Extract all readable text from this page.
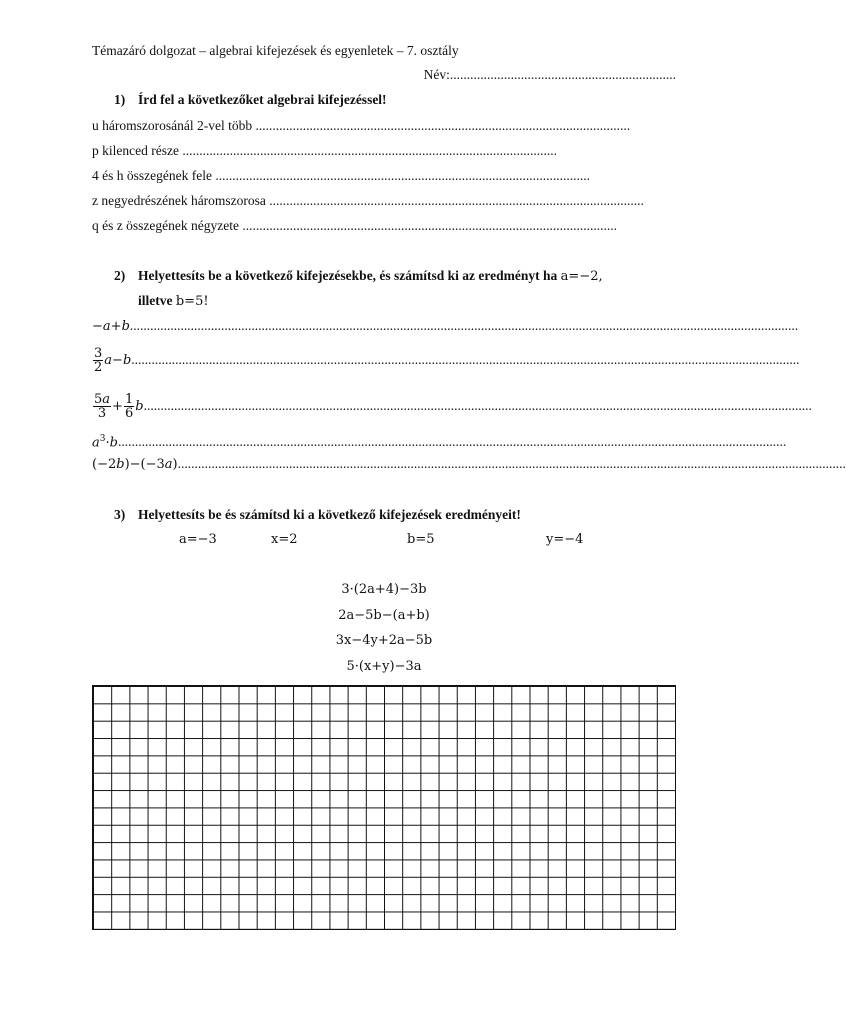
Témazáró dolgozat – algebrai kifejezések és egyenletek – 7. osztály
Név:...................................................................
1) Írd fel a következőket algebrai kifejezéssel!
u háromszorosánál 2-vel több
...............................................................................................................
p kilenced része
...............................................................................................................
4 és h összegének fele
...............................................................................................................
z negyedrészének háromszorosa
...............................................................................................................
q és z összegének négyzete
...............................................................................................................
2) Helyettesíts be a következő kifejezésekbe, és számítsd ki az eredményt ha a=−2,
illetve b=5!
−a+b ......................................................................................................................................................................................................
$\frac{3}{2} a-b$ ......................................................................................................................................................................................................
$\frac{5a}{3} + \frac{1}{6}$ b ......................................................................................................................................................................................................
$a^3\cdot b$ ......................................................................................................................................................................................................
(−2b)−(−3a) ......................................................................................................................................................................................................
3) Helyettesíts be és számítsd ki a következő kifejezések eredményeit!
a=−3	x=2	b=5	y=−4
3·(2a+4)−3b
2a−5b−(a+b)
3x−4y+2a−5b
5·(x+y)−3a
